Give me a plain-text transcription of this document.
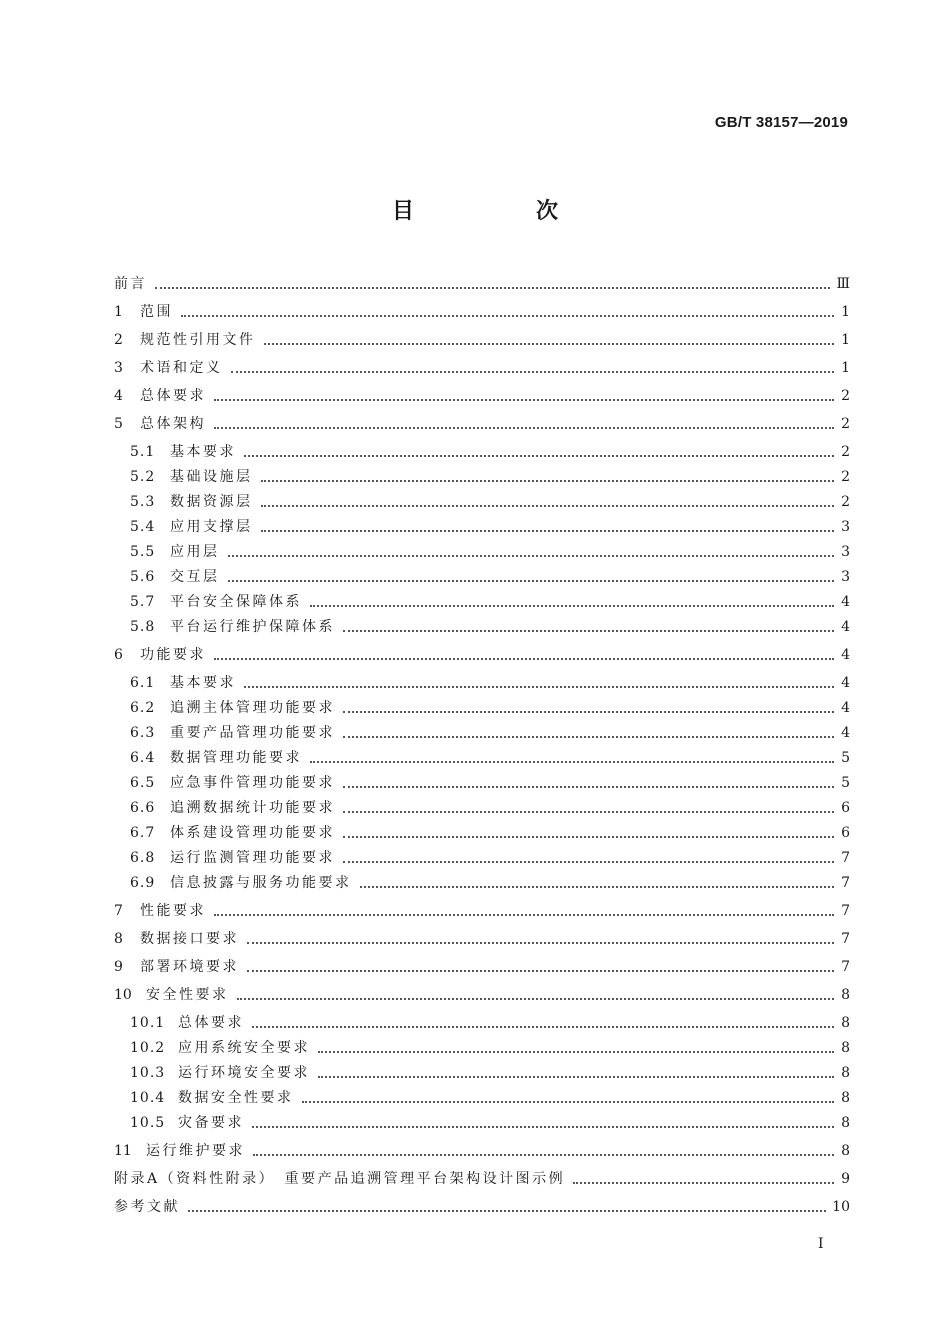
GB/T 38157—2019
目　次
前言	Ⅲ
1	范围	1
2	规范性引用文件	1
3	术语和定义	1
4	总体要求	2
5	总体架构	2
5.1	基本要求	2
5.2	基础设施层	2
5.3	数据资源层	2
5.4	应用支撑层	3
5.5	应用层	3
5.6	交互层	3
5.7	平台安全保障体系	4
5.8	平台运行维护保障体系	4
6	功能要求	4
6.1	基本要求	4
6.2	追溯主体管理功能要求	4
6.3	重要产品管理功能要求	4
6.4	数据管理功能要求	5
6.5	应急事件管理功能要求	5
6.6	追溯数据统计功能要求	6
6.7	体系建设管理功能要求	6
6.8	运行监测管理功能要求	7
6.9	信息披露与服务功能要求	7
7	性能要求	7
8	数据接口要求	7
9	部署环境要求	7
10	安全性要求	8
10.1 总体要求	8
10.2 应用系统安全要求	8
10.3 运行环境安全要求	8
10.4 数据安全性要求	8
10.5 灾备要求	8
11	运行维护要求	8
附录A（资料性附录）　重要产品追溯管理平台架构设计图示例	9
参考文献	10
Ⅰ
